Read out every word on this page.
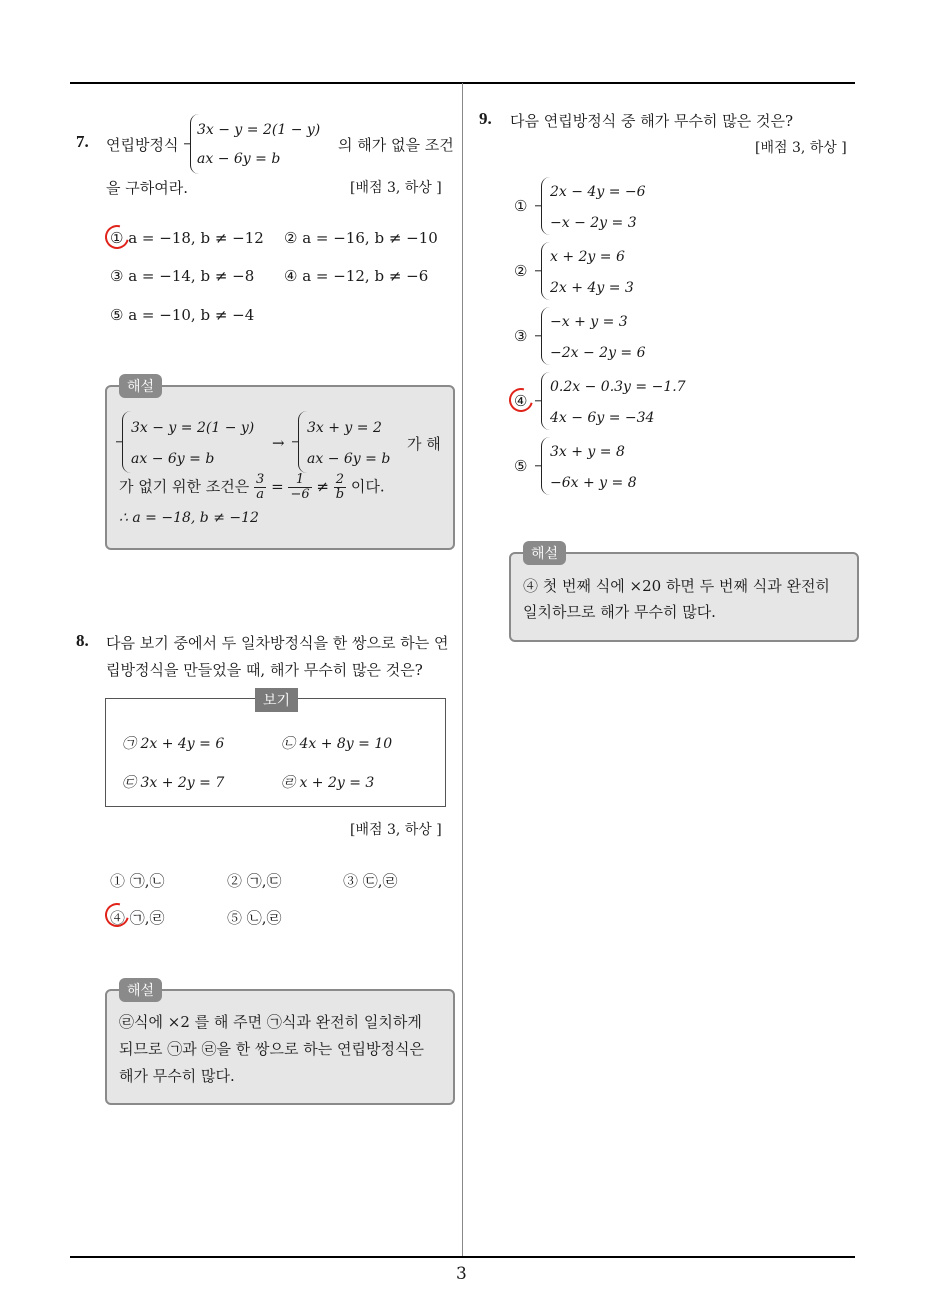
3
7. 연립방정식
3x − y = 2(1 − y)
ax − 6y = b
의 해가 없을 조건
을 구하여라.	[배점 3, 하상 ]
① a = −18, b ≠ −12 ② a = −16, b ≠ −10
③ a = −14, b ≠ −8 ④ a = −12, b ≠ −6
⑤ a = −10, b ≠ −4
해설
3x − y = 2(1 − y)
ax − 6y = b
→
3x + y = 2
ax − 6y = b
가 해
가 없기 위한 조건은 $\frac{3}{a} = \frac{1}{-6} \ne \frac{2}{b}$ 이다.
∴ a = −18, b ≠ −12
8. 다음 보기 중에서 두 일차방정식을 한 쌍으로 하는 연
립방정식을 만들었을 때, 해가 무수히 많은 것은?
보기
㉠ 2x + 4y = 6	㉡ 4x + 8y = 10
㉢ 3x + 2y = 7	㉣ x + 2y = 3
[배점 3, 하상 ]
① ㉠,㉡	② ㉠,㉢	③ ㉢,㉣
④ ㉠,㉣	⑤ ㉡,㉣
해설
㉣식에 ×2 를 해 주면 ㉠식과 완전히 일치하게
되므로 ㉠과 ㉣을 한 쌍으로 하는 연립방정식은
해가 무수히 많다.
9. 다음 연립방정식 중 해가 무수히 많은 것은?
[배점 3, 하상 ]
①
2x − 4y = −6
−x − 2y = 3
②
x + 2y = 6
2x + 4y = 3
③
−x + y = 3
−2x − 2y = 6
④
0.2x − 0.3y = −1.7
4x − 6y = −34
⑤
3x + y = 8
−6x + y = 8
해설
④ 첫 번째 식에 ×20 하면 두 번째 식과 완전히
일치하므로 해가 무수히 많다.
